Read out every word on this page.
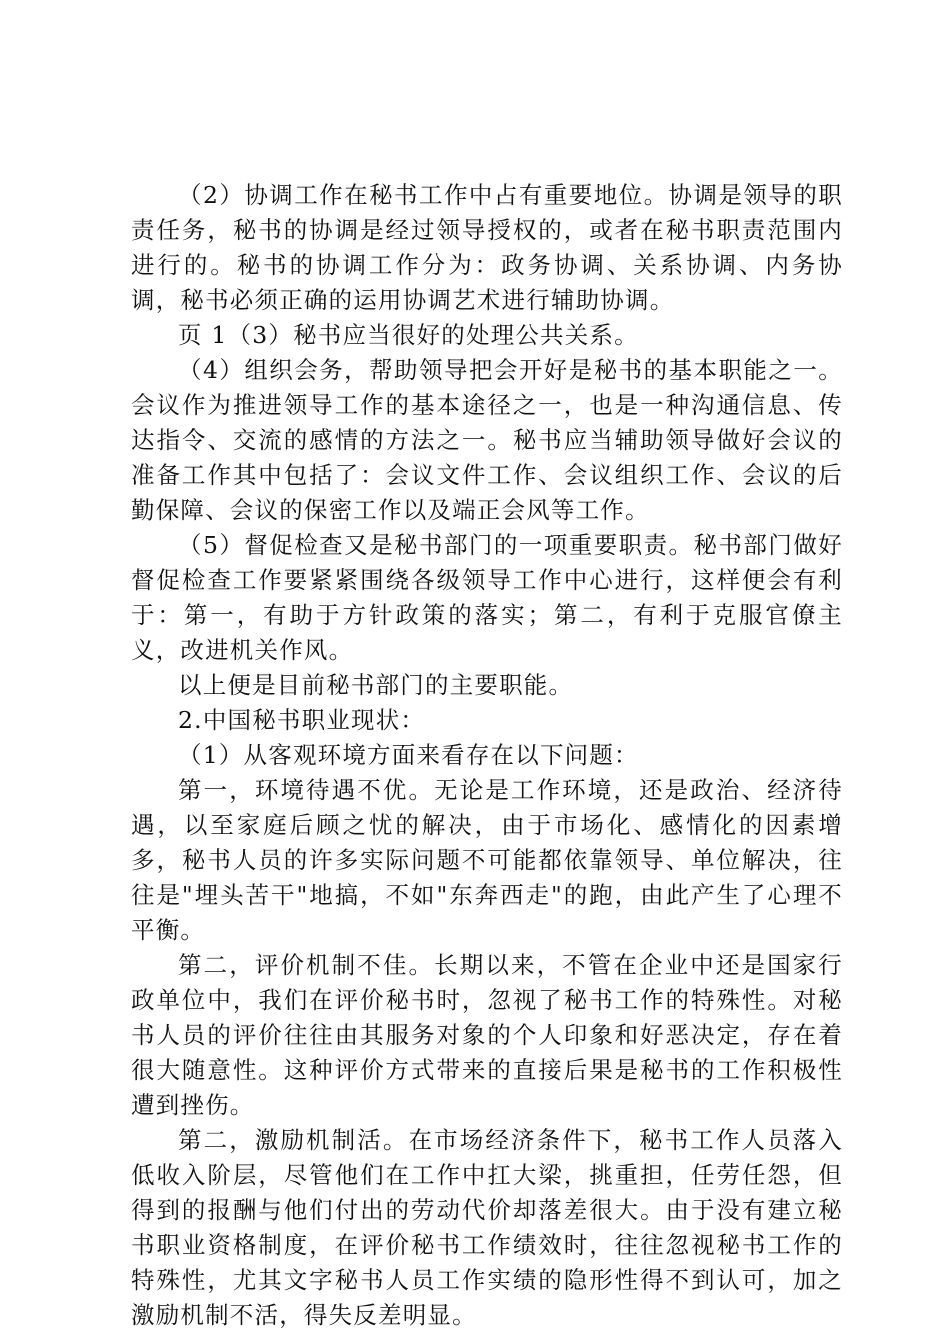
（2）协调工作在秘书工作中占有重要地位。协调是领导的职责任务，秘书的协调是经过领导授权的，或者在秘书职责范围内进行的。秘书的协调工作分为：政务协调、关系协调、内务协调，秘书必须正确的运用协调艺术进行辅助协调。

页 1（3）秘书应当很好的处理公共关系。

（4）组织会务，帮助领导把会开好是秘书的基本职能之一。会议作为推进领导工作的基本途径之一，也是一种沟通信息、传达指令、交流的感情的方法之一。秘书应当辅助领导做好会议的准备工作其中包括了：会议文件工作、会议组织工作、会议的后勤保障、会议的保密工作以及端正会风等工作。

（5）督促检查又是秘书部门的一项重要职责。秘书部门做好督促检查工作要紧紧围绕各级领导工作中心进行，这样便会有利于：第一，有助于方针政策的落实；第二，有利于克服官僚主义，改进机关作风。

以上便是目前秘书部门的主要职能。

2.中国秘书职业现状：

（1）从客观环境方面来看存在以下问题：

第一，环境待遇不优。无论是工作环境，还是政治、经济待遇，以至家庭后顾之忧的解决，由于市场化、感情化的因素增多，秘书人员的许多实际问题不可能都依靠领导、单位解决，往往是"埋头苦干"地搞，不如"东奔西走"的跑，由此产生了心理不平衡。

第二，评价机制不佳。长期以来，不管在企业中还是国家行政单位中，我们在评价秘书时，忽视了秘书工作的特殊性。对秘书人员的评价往往由其服务对象的个人印象和好恶决定，存在着很大随意性。这种评价方式带来的直接后果是秘书的工作积极性遭到挫伤。

第二，激励机制活。在市场经济条件下，秘书工作人员落入低收入阶层，尽管他们在工作中扛大梁，挑重担，任劳任怨，但得到的报酬与他们付出的劳动代价却落差很大。由于没有建立秘书职业资格制度，在评价秘书工作绩效时，往往忽视秘书工作的特殊性，尤其文字秘书人员工作实绩的隐形性得不到认可，加之激励机制不活，得失反差明显。
